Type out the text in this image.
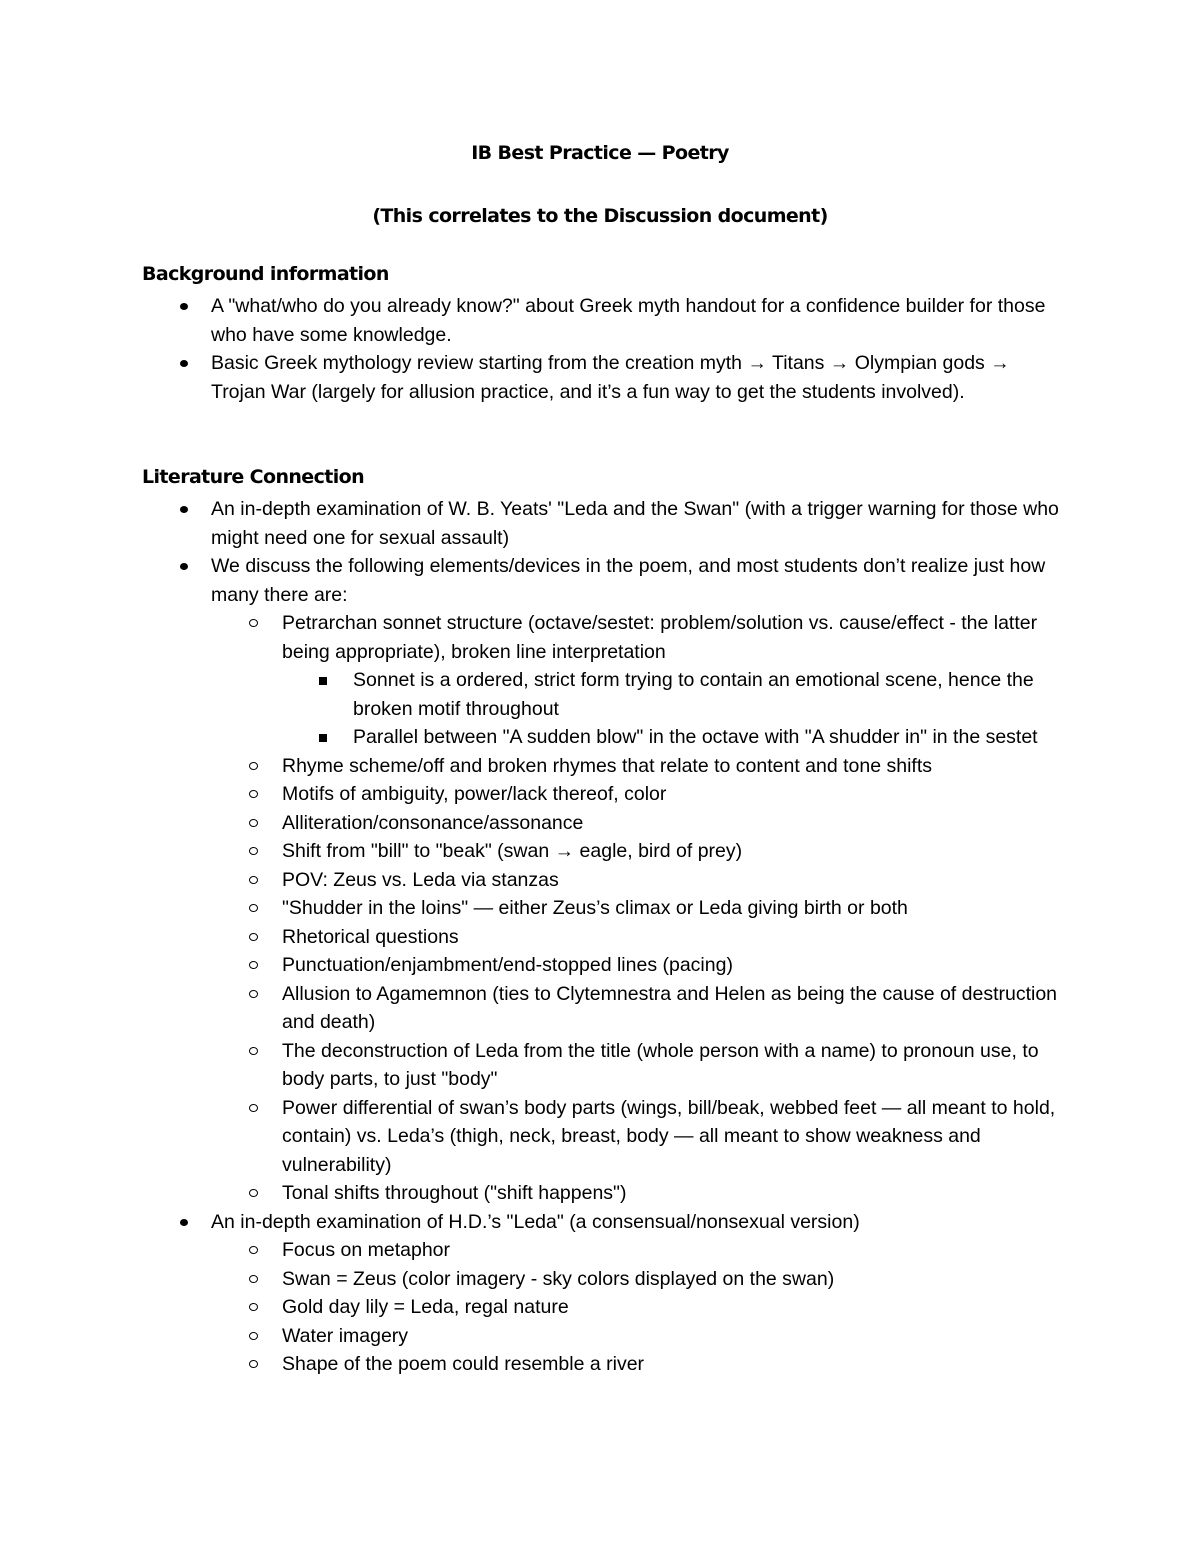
IB Best Practice — Poetry
(This correlates to the Discussion document)
Background information
A "what/who do you already know?" about Greek myth handout for a confidence builder for those who have some knowledge.
Basic Greek mythology review starting from the creation myth → Titans → Olympian gods → Trojan War (largely for allusion practice, and it’s a fun way to get the students involved).
Literature Connection
An in-depth examination of W. B. Yeats' "Leda and the Swan" (with a trigger warning for those who might need one for sexual assault)
We discuss the following elements/devices in the poem, and most students don’t realize just how many there are:
Petrarchan sonnet structure (octave/sestet: problem/solution vs. cause/effect - the latter being appropriate), broken line interpretation
Sonnet is a ordered, strict form trying to contain an emotional scene, hence the broken motif throughout
Parallel between "A sudden blow" in the octave with "A shudder in" in the sestet
Rhyme scheme/off and broken rhymes that relate to content and tone shifts
Motifs of ambiguity, power/lack thereof, color
Alliteration/consonance/assonance
Shift from "bill" to "beak" (swan → eagle, bird of prey)
POV: Zeus vs. Leda via stanzas
"Shudder in the loins" — either Zeus’s climax or Leda giving birth or both
Rhetorical questions
Punctuation/enjambment/end-stopped lines (pacing)
Allusion to Agamemnon (ties to Clytemnestra and Helen as being the cause of destruction and death)
The deconstruction of Leda from the title (whole person with a name) to pronoun use, to body parts, to just "body"
Power differential of swan’s body parts (wings, bill/beak, webbed feet — all meant to hold, contain) vs. Leda’s (thigh, neck, breast, body — all meant to show weakness and vulnerability)
Tonal shifts throughout ("shift happens")
An in-depth examination of H.D.’s "Leda" (a consensual/nonsexual version)
Focus on metaphor
Swan = Zeus (color imagery - sky colors displayed on the swan)
Gold day lily = Leda, regal nature
Water imagery
Shape of the poem could resemble a river
